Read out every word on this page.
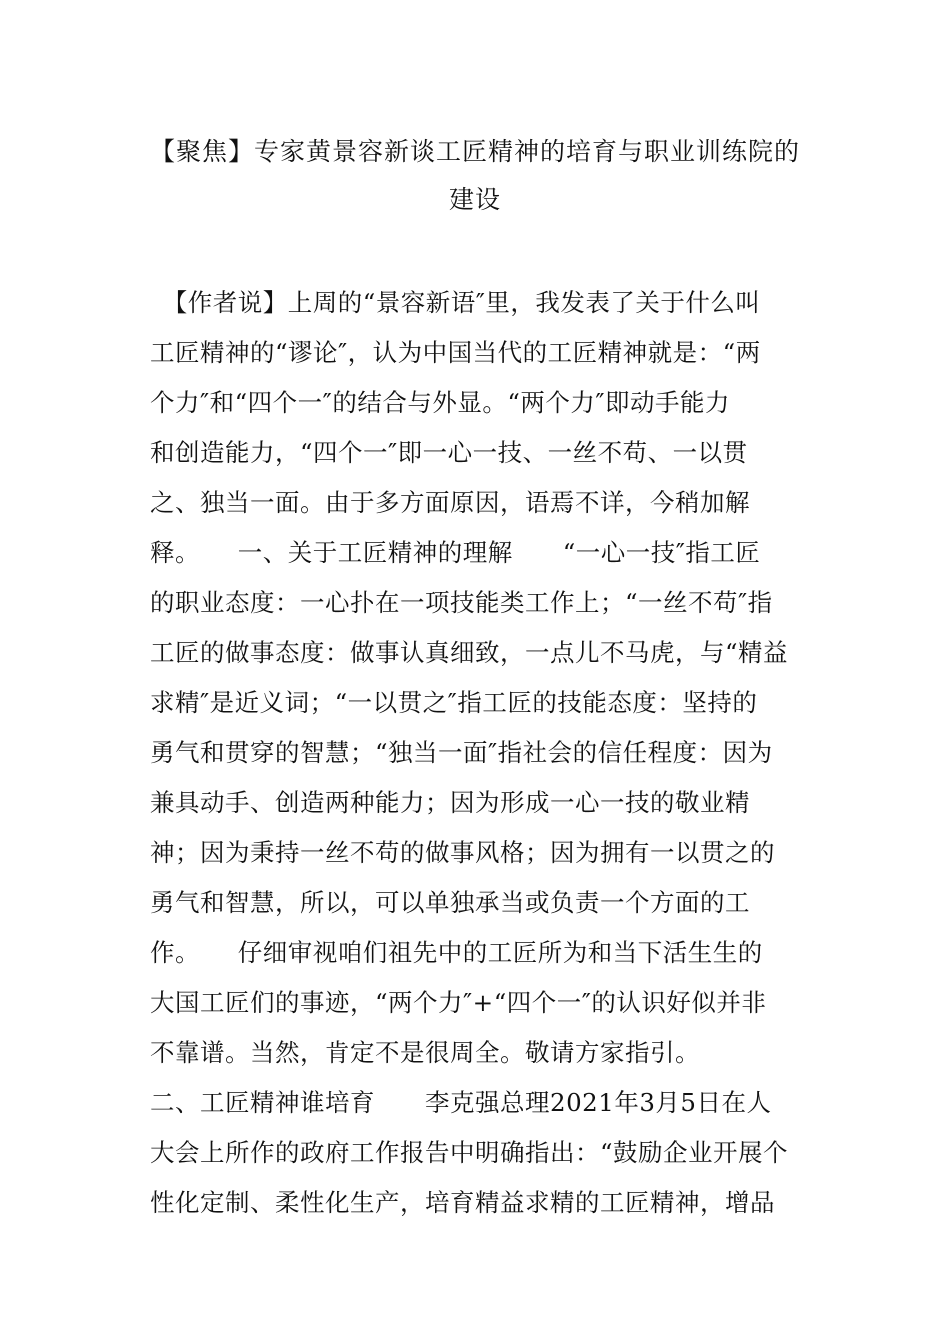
【聚焦】专家黄景容新谈工匠精神的培育与职业训练院的
建设
　【作者说】上周的“景容新语″里，我发表了关于什么叫
工匠精神的“谬论″，认为中国当代的工匠精神就是：“两
个力″和“四个一″的结合与外显。“两个力″即动手能力
和创造能力，“四个一″即一心一技、一丝不苟、一以贯
之、独当一面。由于多方面原因，语焉不详，今稍加解
释。　　一、关于工匠精神的理解　　“一心一技″指工匠
的职业态度：一心扑在一项技能类工作上；“一丝不苟″指
工匠的做事态度：做事认真细致，一点儿不马虎，与“精益
求精″是近义词；“一以贯之″指工匠的技能态度：坚持的
勇气和贯穿的智慧；“独当一面″指社会的信任程度：因为
兼具动手、创造两种能力；因为形成一心一技的敬业精
神；因为秉持一丝不苟的做事风格；因为拥有一以贯之的
勇气和智慧，所以，可以单独承当或负责一个方面的工
作。　　仔细审视咱们祖先中的工匠所为和当下活生生的
大国工匠们的事迹，“两个力″+“四个一″的认识好似并非
不靠谱。当然，肯定不是很周全。敬请方家指引。
二、工匠精神谁培育　　李克强总理2021年3月5日在人
大会上所作的政府工作报告中明确指出：“鼓励企业开展个
性化定制、柔性化生产，培育精益求精的工匠精神，增品
